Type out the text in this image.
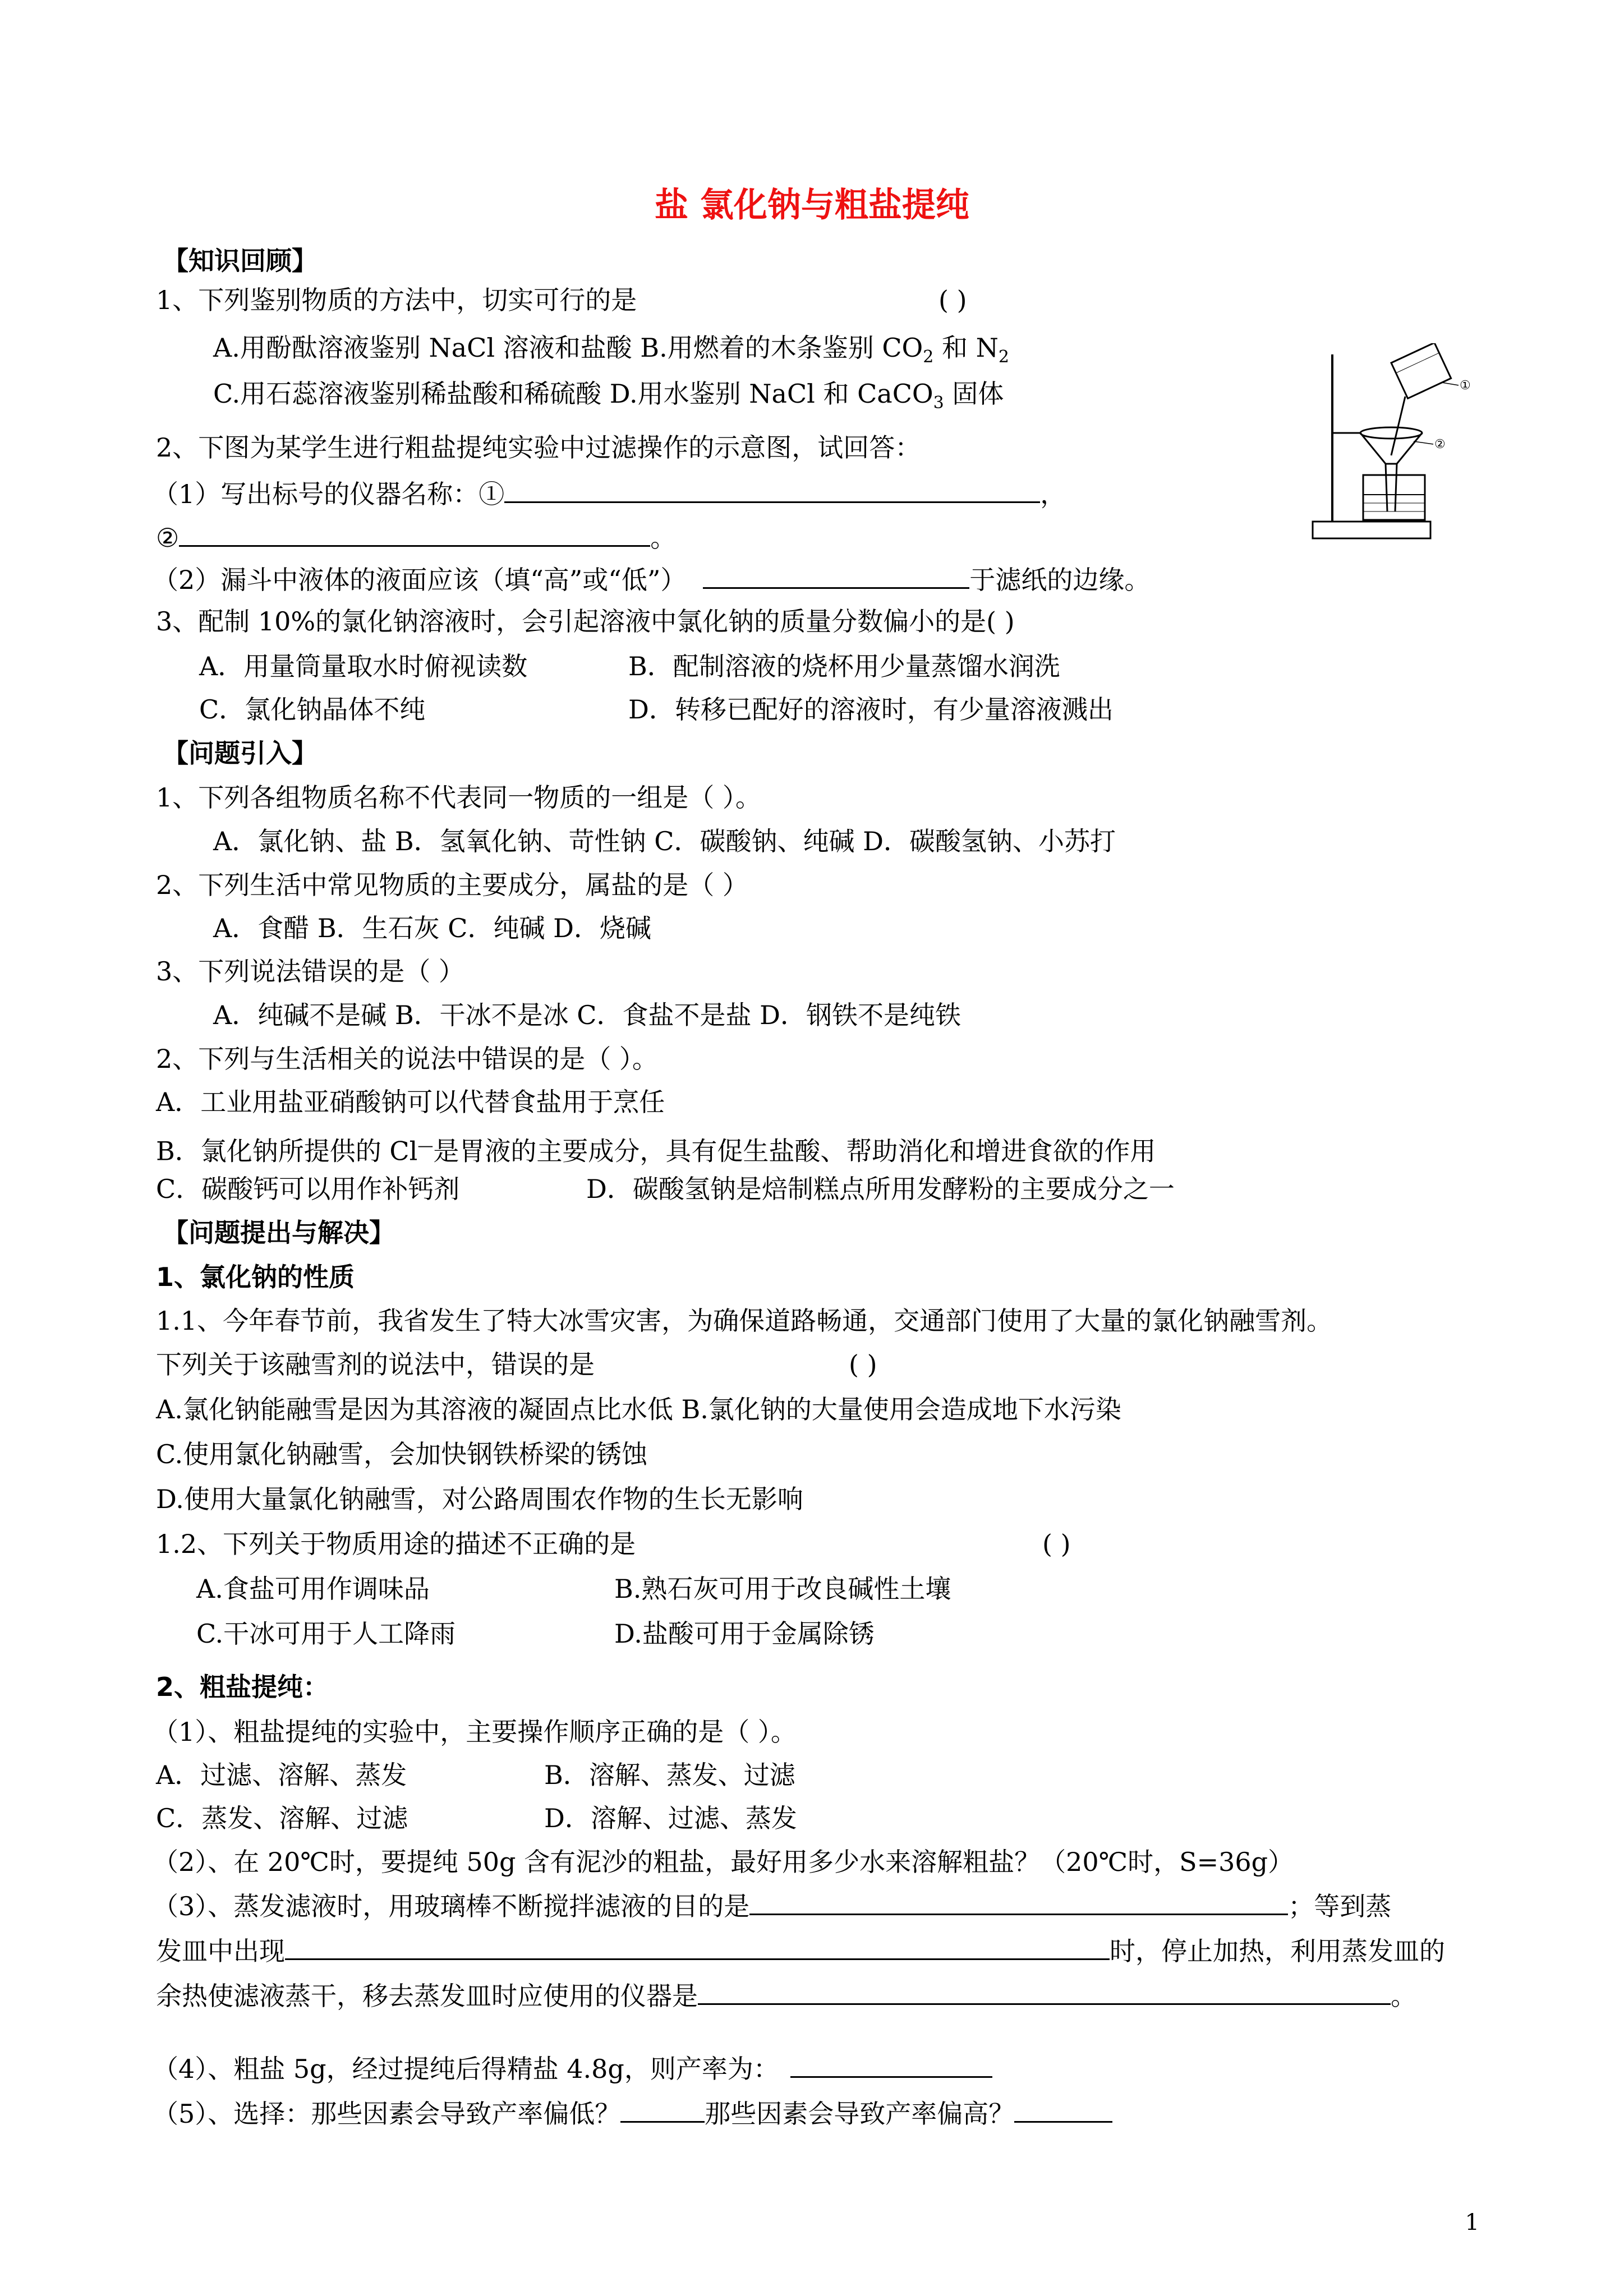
盐 氯化钠与粗盐提纯
【知识回顾】
1、下列鉴别物质的方法中，切实可行的是	( )
A.用酚酞溶液鉴别 NaCl 溶液和盐酸 B.用燃着的木条鉴别 $CO_2$ 和 $N_2$
C.用石蕊溶液鉴别稀盐酸和稀硫酸 D.用水鉴别 NaCl 和 CaCO$_3$ 固体
2、下图为某学生进行粗盐提纯实验中过滤操作的示意图，试回答：
（1）写出标号的仪器名称：①	，
②	。
（2）漏斗中液体的液面应该（填“高”或“低”）	于滤纸的边缘。
3、配制 10%的氯化钠溶液时，会引起溶液中氯化钠的质量分数偏小的是( )
A．用量筒量取水时俯视读数	B．配制溶液的烧杯用少量蒸馏水润洗
C．氯化钠晶体不纯	D．转移已配好的溶液时，有少量溶液溅出
【问题引入】
1、下列各组物质名称不代表同一物质的一组是（ ）。
A．氯化钠、盐 B．氢氧化钠、苛性钠 C．碳酸钠、纯碱 D．碳酸氢钠、小苏打
2、下列生活中常见物质的主要成分，属盐的是（ ）
A．食醋 B．生石灰 C．纯碱 D．烧碱
3、下列说法错误的是（ ）
A．纯碱不是碱 B．干冰不是冰 C．食盐不是盐 D．钢铁不是纯铁
2、下列与生活相关的说法中错误的是（ ）。
A．工业用盐亚硝酸钠可以代替食盐用于烹任
B．氯化钠所提供的 Cl—是胃液的主要成分，具有促生盐酸、帮助消化和增进食欲的作用
C．碳酸钙可以用作补钙剂	D．碳酸氢钠是焙制糕点所用发酵粉的主要成分之一
【问题提出与解决】
1、氯化钠的性质
1.1、今年春节前，我省发生了特大冰雪灾害，为确保道路畅通，交通部门使用了大量的氯化钠融雪剂。
下列关于该融雪剂的说法中，错误的是	( )
A.氯化钠能融雪是因为其溶液的凝固点比水低 B.氯化钠的大量使用会造成地下水污染
C.使用氯化钠融雪，会加快钢铁桥梁的锈蚀
D.使用大量氯化钠融雪，对公路周围农作物的生长无影响
1.2、下列关于物质用途的描述不正确的是	( )
A.食盐可用作调味品	B.熟石灰可用于改良碱性土壤
C.干冰可用于人工降雨	D.盐酸可用于金属除锈
2、粗盐提纯：
（1）、粗盐提纯的实验中，主要操作顺序正确的是（ ）。
A．过滤、溶解、蒸发	B．溶解、蒸发、过滤
C．蒸发、溶解、过滤	D．溶解、过滤、蒸发
（2）、在 20℃时，要提纯 50g 含有泥沙的粗盐，最好用多少水来溶解粗盐？（20℃时，S=36g）
（3）、蒸发滤液时，用玻璃棒不断搅拌滤液的目的是	；等到蒸
发皿中出现	时，停止加热，利用蒸发皿的
余热使滤液蒸干，移去蒸发皿时应使用的仪器是	。
（4）、粗盐 5g，经过提纯后得精盐 4.8g，则产率为：
（5）、选择：那些因素会导致产率偏低？	那些因素会导致产率偏高？
①
②
1
